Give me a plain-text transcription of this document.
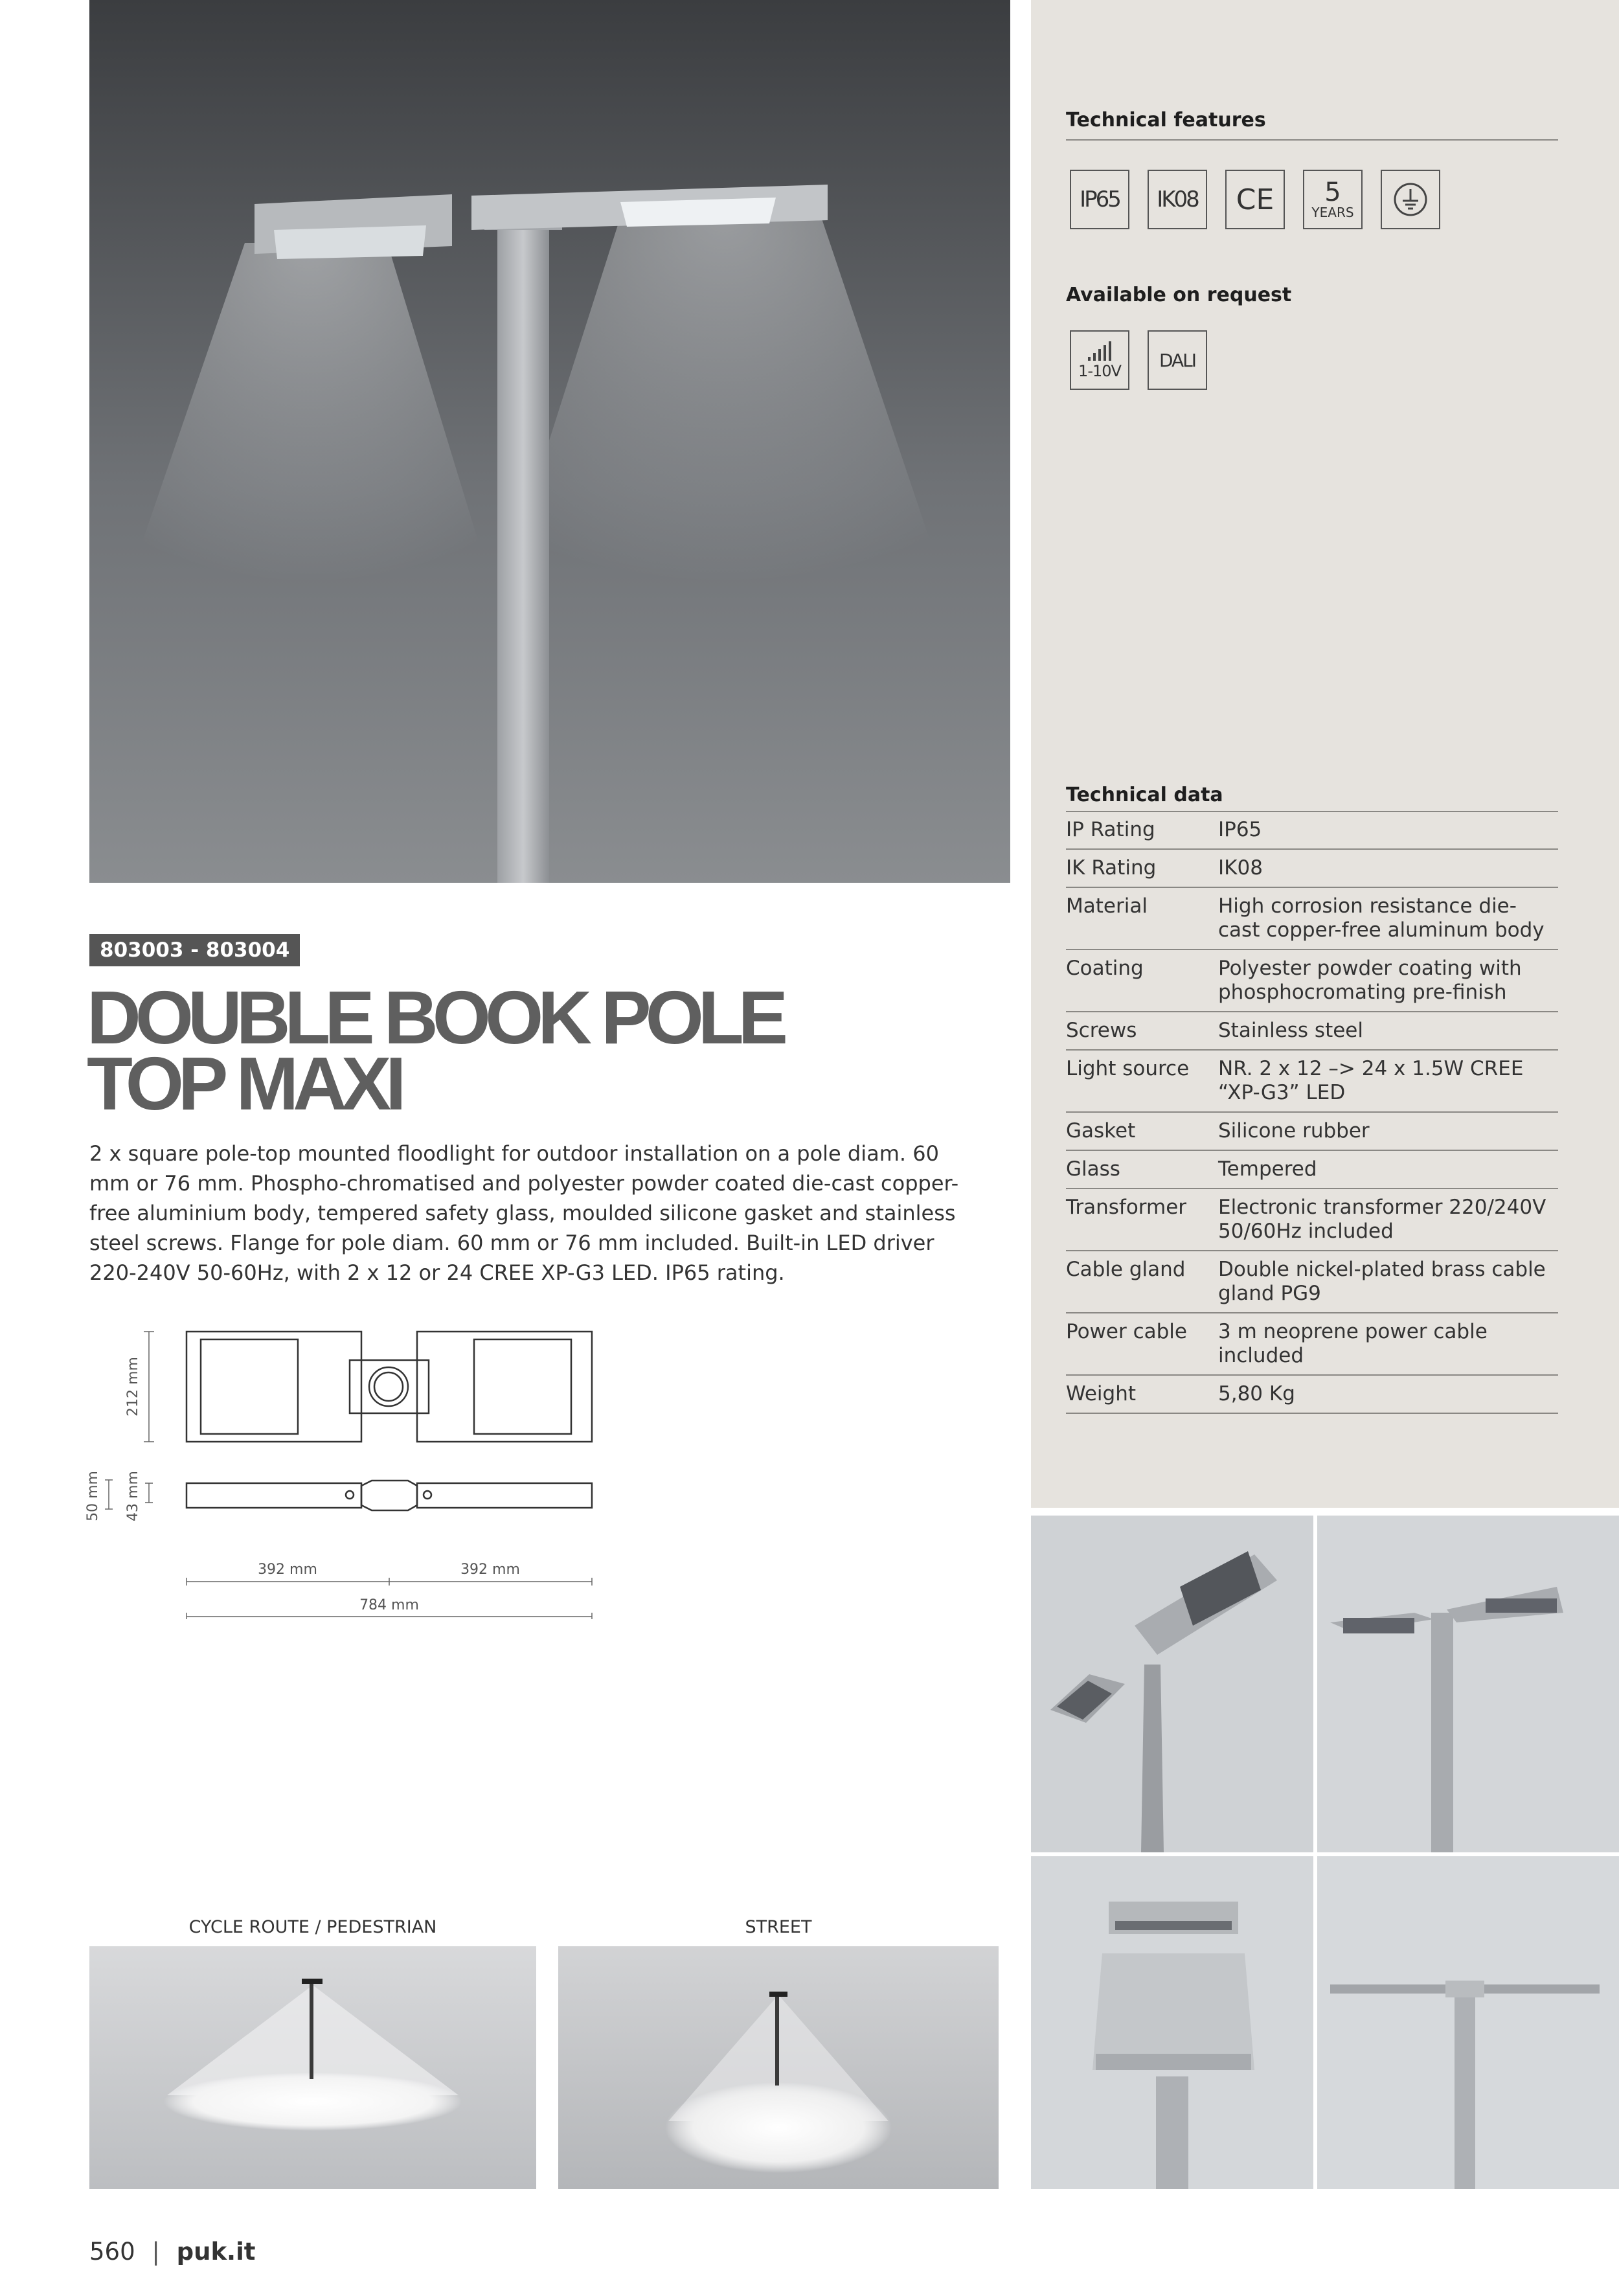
Technical features
IP65	IK08	CE	5
YEARS
Available on request
1-10V
DALI
Technical data
IP Rating	IP65
IK Rating	IK08
Material	High corrosion resistance die-cast copper-free aluminum body
Coating	Polyester powder coating with phosphocromating pre-finish
Screws	Stainless steel
Light source	NR. 2 x 12 –> 24 x 1.5W CREE “XP-G3” LED
Gasket	Silicone rubber
Glass	Tempered
Transformer	Electronic transformer 220/240V 50/60Hz included
Cable gland	Double nickel-plated brass cable gland PG9
Power cable	3 m neoprene power cable included
Weight	5,80 Kg
803003 - 803004
DOUBLE BOOK POLE
TOP MAXI
2 x square pole-top mounted floodlight for outdoor installation on a pole diam. 60 mm or 76 mm. Phospho-chromatised and polyester powder coated die-cast copper-free aluminium body, tempered safety glass, moulded silicone gasket and stainless steel screws. Flange for pole diam. 60 mm or 76 mm included. Built-in LED driver 220-240V 50-60Hz, with 2 x 12 or 24 CREE XP-G3 LED. IP65 rating.
212 mm
43 mm
50 mm
392 mm	392 mm
784 mm
CYCLE ROUTE / PEDESTRIAN	STREET
560 | puk.it
